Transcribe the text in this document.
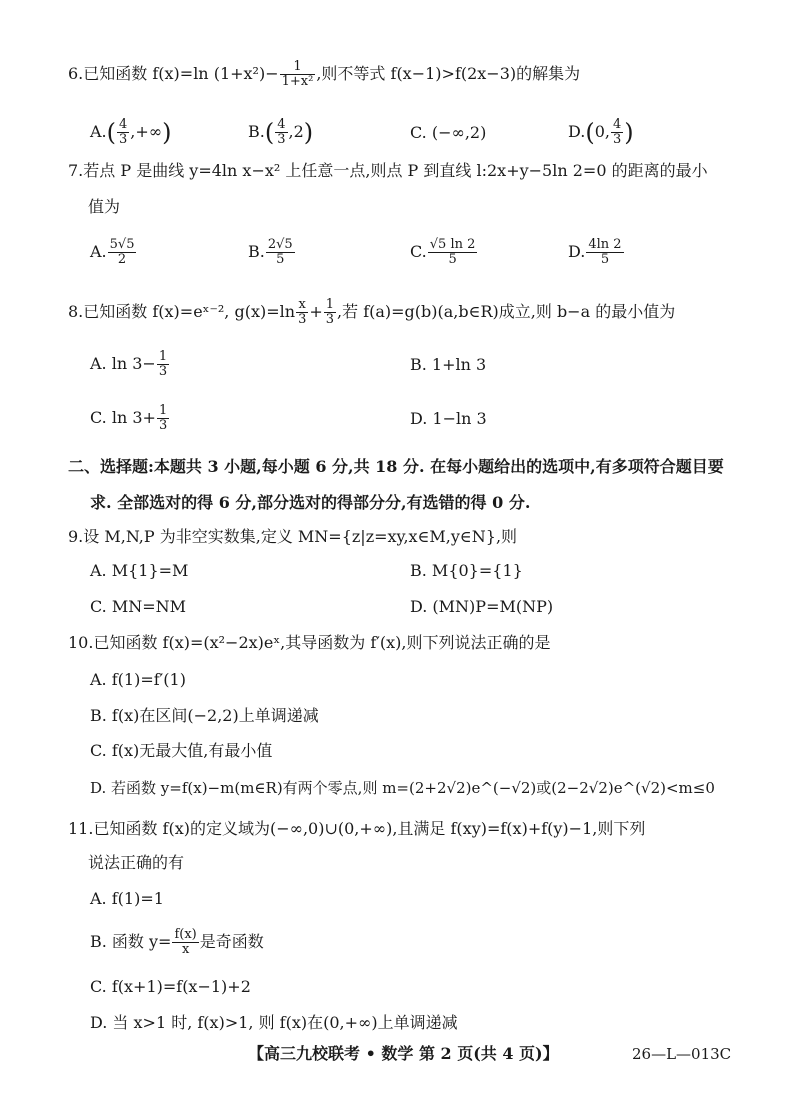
6.已知函数 f(x)=ln $(1+x^2)- \frac{1}{\text{1+x²}}$ ,则不等式 f(x−1)>f(2x−3)的解集为
$A.( \frac{4}{3}$ ,+∞)	$B.( \frac{4}{3} ,2)$	C. (−∞,2)	D.(0, $\frac{4}{3}$ )
7.若点 P 是曲线 y=4ln x−x² 上任意一点,则点 P 到直线 l:2x+y−5ln 2=0 的距离的最小
值为
A. $\frac{5√5}{2}$	B. $\frac{2√5}{5}$	C. $\frac{√5 \ln 2}{5}$	D. $\frac{4\ln 2}{5}$
8.已知函数 f(x)=eˣ⁻², $g(x)=\ln \frac{x}{3} + \frac{1}{3}$ ,若 f(a)=g(b)(a,b∈R)成立,则 b−a 的最小值为
A. $\ln 3- \frac{1}{3}$	B. 1+ln 3
C. $\ln 3+ \frac{1}{3}$	D. 1−ln 3
二、选择题:本题共 3 小题,每小题 6 分,共 18 分. 在每小题给出的选项中,有多项符合题目要
求. 全部选对的得 6 分,部分选对的得部分分,有选错的得 0 分.
9.设 M,N,P 为非空实数集,定义 MN={z|z=xy,x∈M,y∈N},则
A. M{1}=M	B. M{0}={1}
C. MN=NM	D. (MN)P=M(NP)
10.已知函数 f(x)=(x²−2x)eˣ,其导函数为 f′(x),则下列说法正确的是
A. f(1)=f′(1)
B. f(x)在区间(−2,2)上单调递减
C. f(x)无最大值,有最小值
D. 若函数 y=f(x)−m(m∈R)有两个零点,则 m=(2+2√2)e^(−√2)或(2−2√2)e^(√2)<m≤0
11.已知函数 f(x)的定义域为(−∞,0)∪(0,+∞),且满足 f(xy)=f(x)+f(y)−1,则下列
说法正确的有
A. f(1)=1
B. 函数 $y= \frac{f(x)}{x}$ 是奇函数
C. f(x+1)=f(x−1)+2
D. 当 x>1 时, f(x)>1, 则 f(x)在(0,+∞)上单调递减
【高三九校联考 • 数学 第 2 页(共 4 页)】	26—L—013C
